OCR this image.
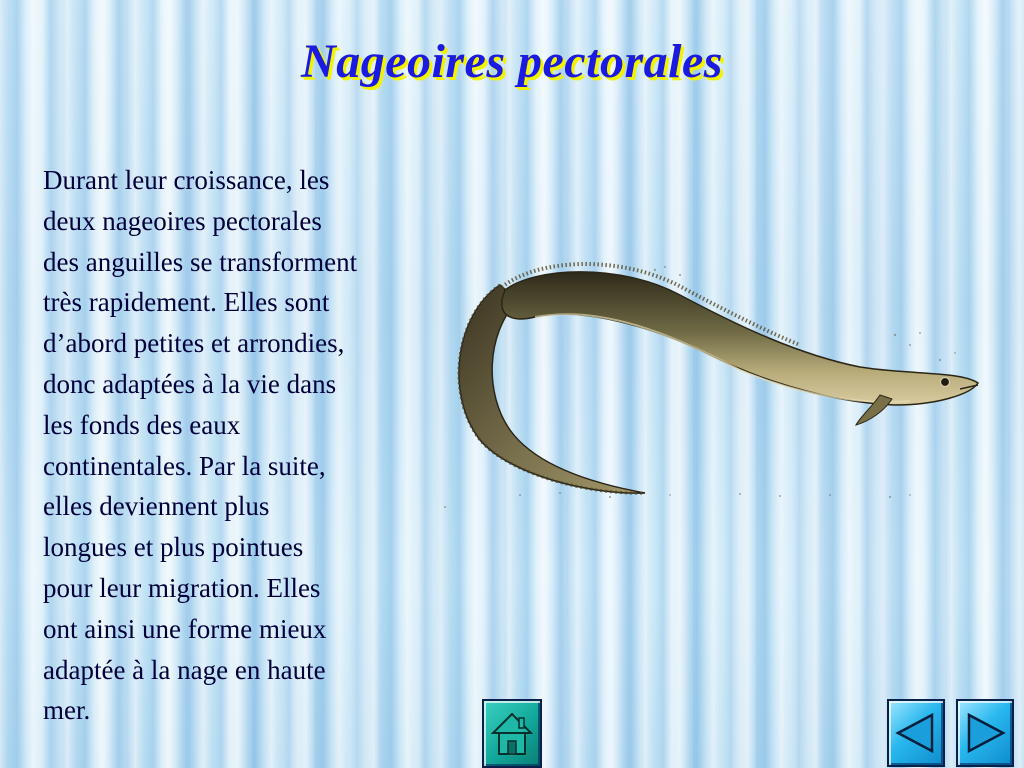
Nageoires pectorales

Durant leur croissance, les
deux nageoires pectorales
des anguilles se transforment
très rapidement. Elles sont
d’abord petites et arrondies,
donc adaptées à la vie dans
les fonds des eaux
continentales. Par la suite,
elles deviennent plus
longues et plus pointues
pour leur migration. Elles
ont ainsi une forme mieux
adaptée à la nage en haute
mer.
